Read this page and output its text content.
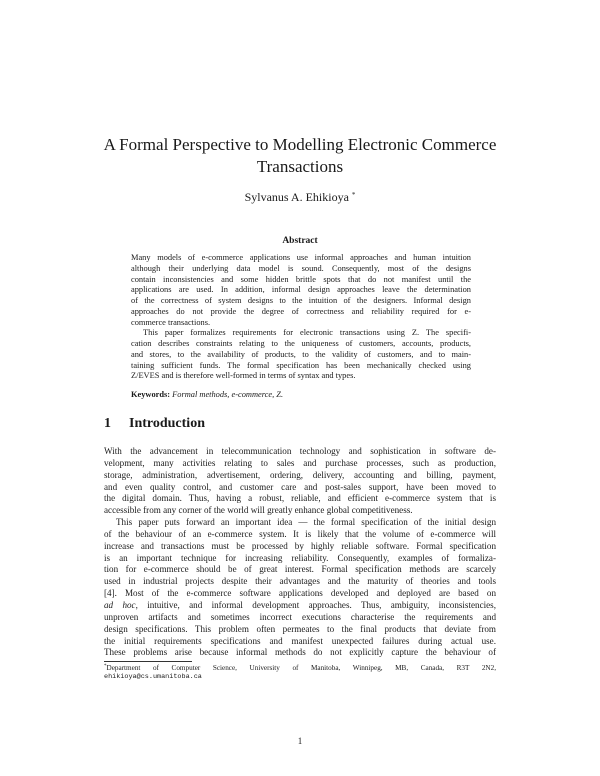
A Formal Perspective to Modelling Electronic Commerce
Transactions
Sylvanus A. Ehikioya *
Abstract
Many models of e-commerce applications use informal approaches and human intuition
although their underlying data model is sound. Consequently, most of the designs
contain inconsistencies and some hidden brittle spots that do not manifest until the
applications are used. In addition, informal design approaches leave the determination
of the correctness of system designs to the intuition of the designers. Informal design
approaches do not provide the degree of correctness and reliability required for e-
commerce transactions.
This paper formalizes requirements for electronic transactions using Z. The specifi-
cation describes constraints relating to the uniqueness of customers, accounts, products,
and stores, to the availability of products, to the validity of customers, and to main-
taining sufficient funds. The formal specification has been mechanically checked using
Z/EVES and is therefore well-formed in terms of syntax and types.
Keywords: Formal methods, e-commerce, Z.
1 Introduction
With the advancement in telecommunication technology and sophistication in software de-
velopment, many activities relating to sales and purchase processes, such as production,
storage, administration, advertisement, ordering, delivery, accounting and billing, payment,
and even quality control, and customer care and post-sales support, have been moved to
the digital domain. Thus, having a robust, reliable, and efficient e-commerce system that is
accessible from any corner of the world will greatly enhance global competitiveness.
This paper puts forward an important idea — the formal specification of the initial design
of the behaviour of an e-commerce system. It is likely that the volume of e-commerce will
increase and transactions must be processed by highly reliable software. Formal specification
is an important technique for increasing reliability. Consequently, examples of formaliza-
tion for e-commerce should be of great interest. Formal specification methods are scarcely
used in industrial projects despite their advantages and the maturity of theories and tools
[4]. Most of the e-commerce software applications developed and deployed are based on
ad hoc, intuitive, and informal development approaches. Thus, ambiguity, inconsistencies,
unproven artifacts and sometimes incorrect executions characterise the requirements and
design specifications. This problem often permeates to the final products that deviate from
the initial requirements specifications and manifest unexpected failures during actual use.
These problems arise because informal methods do not explicitly capture the behaviour of
*Department of Computer Science, University of Manitoba, Winnipeg, MB, Canada, R3T 2N2,
ehikioya@cs.umanitoba.ca
1
